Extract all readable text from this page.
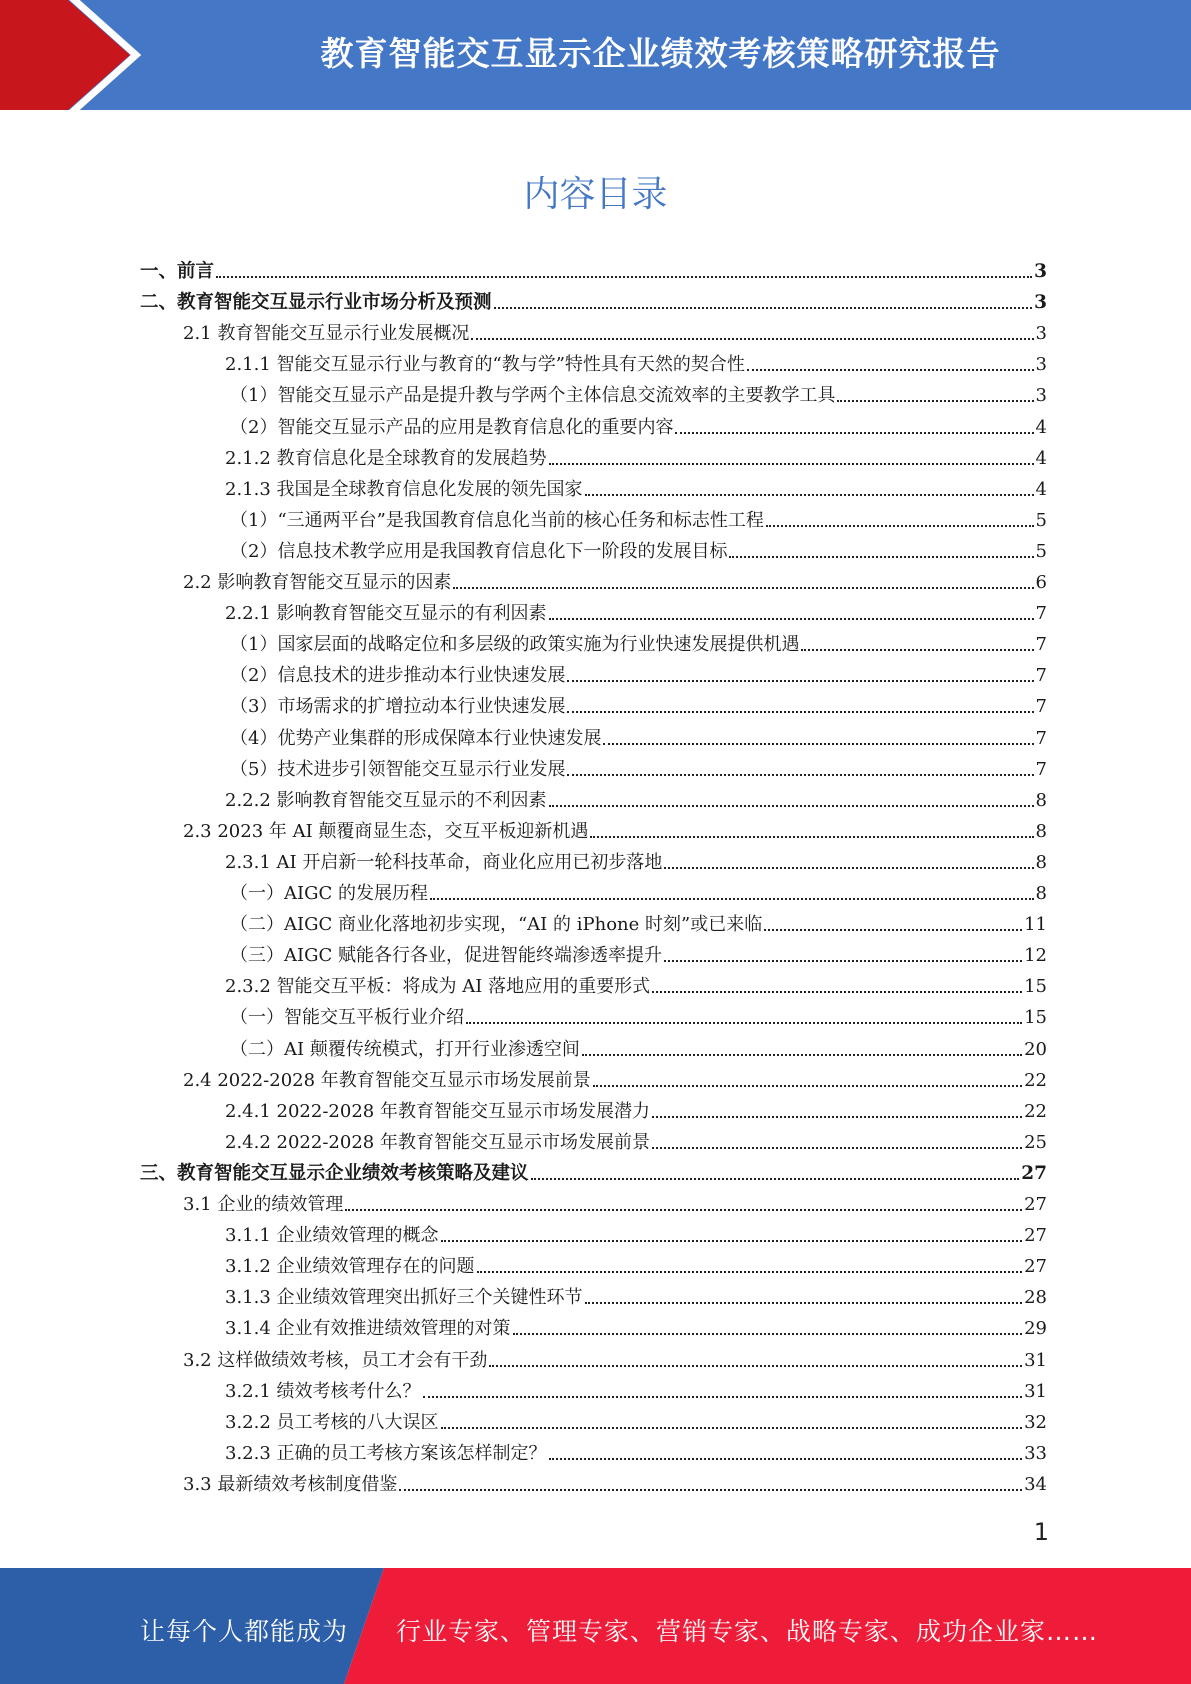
教育智能交互显示企业绩效考核策略研究报告
内容目录
一、前言	3
二、教育智能交互显示行业市场分析及预测	3
2.1 教育智能交互显示行业发展概况	3
2.1.1 智能交互显示行业与教育的“教与学”特性具有天然的契合性	3
（1）智能交互显示产品是提升教与学两个主体信息交流效率的主要教学工具	3
（2）智能交互显示产品的应用是教育信息化的重要内容	4
2.1.2 教育信息化是全球教育的发展趋势	4
2.1.3 我国是全球教育信息化发展的领先国家	4
（1）“三通两平台”是我国教育信息化当前的核心任务和标志性工程	5
（2）信息技术教学应用是我国教育信息化下一阶段的发展目标	5
2.2 影响教育智能交互显示的因素	6
2.2.1 影响教育智能交互显示的有利因素	7
（1）国家层面的战略定位和多层级的政策实施为行业快速发展提供机遇	7
（2）信息技术的进步推动本行业快速发展	7
（3）市场需求的扩增拉动本行业快速发展	7
（4）优势产业集群的形成保障本行业快速发展	7
（5）技术进步引领智能交互显示行业发展	7
2.2.2 影响教育智能交互显示的不利因素	8
2.3 2023 年 AI 颠覆商显生态，交互平板迎新机遇	8
2.3.1 AI 开启新一轮科技革命，商业化应用已初步落地	8
（一）AIGC 的发展历程	8
（二）AIGC 商业化落地初步实现，“AI 的 iPhone 时刻”或已来临	11
（三）AIGC 赋能各行各业，促进智能终端渗透率提升	12
2.3.2 智能交互平板：将成为 AI 落地应用的重要形式	15
（一）智能交互平板行业介绍	15
（二）AI 颠覆传统模式，打开行业渗透空间	20
2.4 2022-2028 年教育智能交互显示市场发展前景	22
2.4.1 2022-2028 年教育智能交互显示市场发展潜力	22
2.4.2 2022-2028 年教育智能交互显示市场发展前景	25
三、教育智能交互显示企业绩效考核策略及建议	27
3.1 企业的绩效管理	27
3.1.1 企业绩效管理的概念	27
3.1.2 企业绩效管理存在的问题	27
3.1.3 企业绩效管理突出抓好三个关键性环节	28
3.1.4 企业有效推进绩效管理的对策	29
3.2 这样做绩效考核，员工才会有干劲	31
3.2.1 绩效考核考什么？	31
3.2.2 员工考核的八大误区	32
3.2.3 正确的员工考核方案该怎样制定？	33
3.3 最新绩效考核制度借鉴	34
1
让每个人都能成为 行业专家、管理专家、营销专家、战略专家、成功企业家……
